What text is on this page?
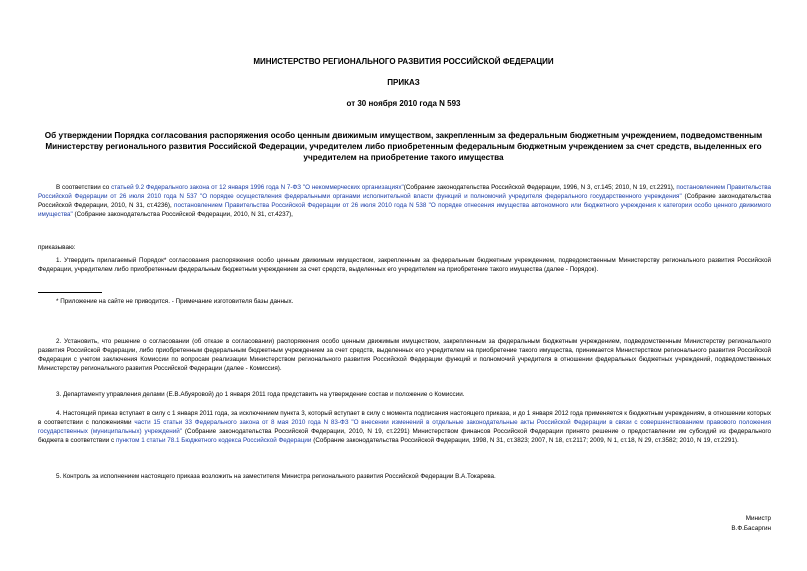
МИНИСТЕРСТВО РЕГИОНАЛЬНОГО РАЗВИТИЯ РОССИЙСКОЙ ФЕДЕРАЦИИ
ПРИКАЗ
от 30 ноября 2010 года N 593
Об утверждении Порядка согласования распоряжения особо ценным движимым имуществом, закрепленным за федеральным бюджетным учреждением, подведомственным Министерству регионального развития Российской Федерации, учредителем либо приобретенным федеральным бюджетным учреждением за счет средств, выделенных его учредителем на приобретение такого имущества
В соответствии со статьей 9.2 Федерального закона от 12 января 1996 года N 7-ФЗ "О некоммерческих организациях"(Собрание законодательства Российской Федерации, 1996, N 3, ст.145; 2010, N 19, ст.2291), постановлением Правительства Российской Федерации от 26 июля 2010 года N 537 "О порядке осуществления федеральными органами исполнительной власти функций и полномочий учредителя федерального государственного учреждения" (Собрание законодательства Российской Федерации, 2010, N 31, ст.4236), постановлением Правительства Российской Федерации от 26 июля 2010 года N 538 "О порядке отнесения имущества автономного или бюджетного учреждения к категории особо ценного движимого имущества" (Собрание законодательства Российской Федерации, 2010, N 31, ст.4237),
приказываю:
1. Утвердить прилагаемый Порядок* согласования распоряжения особо ценным движимым имуществом, закрепленным за федеральным бюджетным учреждением, подведомственным Министерству регионального развития Российской Федерации, учредителем либо приобретенным федеральным бюджетным учреждением за счет средств, выделенных его учредителем на приобретение такого имущества (далее - Порядок).
* Приложение на сайте не приводится. - Примечание изготовителя базы данных.
2. Установить, что решение о согласовании (об отказе в согласовании) распоряжения особо ценным движимым имуществом, закрепленным за федеральным бюджетным учреждением, подведомственным Министерству регионального развития Российской Федерации, либо приобретенным федеральным бюджетным учреждением за счет средств, выделенных его учредителем на приобретение такого имущества, принимается Министерством регионального развития Российской Федерации с учетом заключения Комиссии по вопросам реализации Министерством регионального развития Российской Федерации функций и полномочий учредителя в отношении федеральных бюджетных учреждений, подведомственных Министерству регионального развития Российской Федерации (далее - Комиссия).
3. Департаменту управления делами (Е.В.Абуяровой) до 1 января 2011 года представить на утверждение состав и положение о Комиссии.
4. Настоящий приказ вступает в силу с 1 января 2011 года, за исключением пункта 3, который вступает в силу с момента подписания настоящего приказа, и до 1 января 2012 года применяется к бюджетным учреждениям, в отношении которых в соответствии с положениями части 15 статьи 33 Федерального закона от 8 мая 2010 года N 83-ФЗ "О внесении изменений в отдельные законодательные акты Российской Федерации в связи с совершенствованием правового положения государственных (муниципальных) учреждений" (Собрание законодательства Российской Федерации, 2010, N 19, ст.2291) Министерством финансов Российской Федерации принято решение о предоставлении им субсидий из федерального бюджета в соответствии с пунктом 1 статьи 78.1 Бюджетного кодекса Российской Федерации (Собрание законодательства Российской Федерации, 1998, N 31, ст.3823; 2007, N 18, ст.2117; 2009, N 1, ст.18, N 29, ст.3582; 2010, N 19, ст.2291).
5. Контроль за исполнением настоящего приказа возложить на заместителя Министра регионального развития Российской Федерации В.А.Токарева.
Министр
В.Ф.Басаргин
